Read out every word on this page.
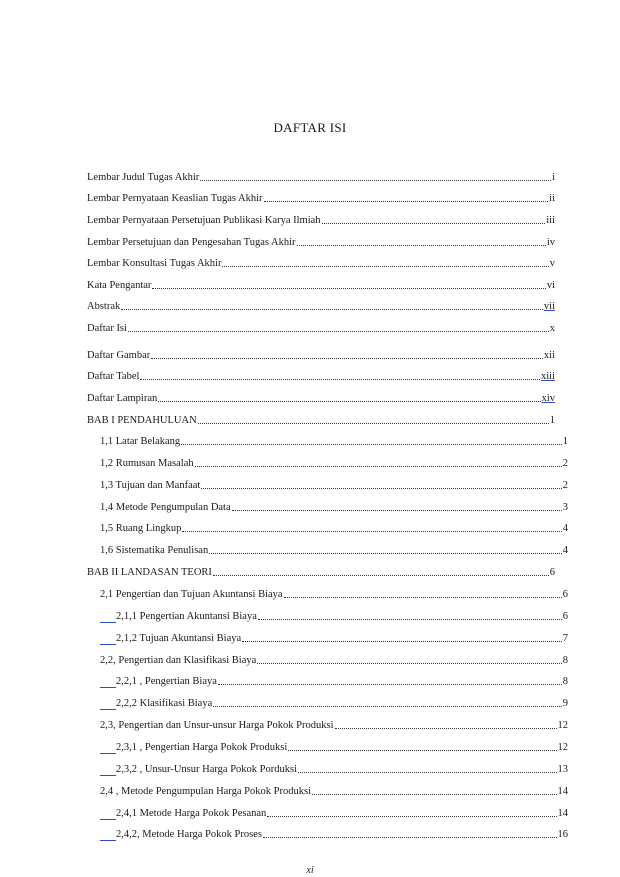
DAFTAR ISI
Lembar Judul Tugas Akhir	i
Lembar Pernyataan Keaslian Tugas Akhir	ii
Lembar Pernyataan Persetujuan Publikasi Karya Ilmiah	iii
Lembar Persetujuan dan Pengesahan Tugas Akhir	iv
Lembar Konsultasi Tugas Akhir	v
Kata Pengantar	vi
Abstrak	vii
Daftar Isi	x
Daftar Gambar	xii
Daftar Tabel	xiii
Daftar Lampiran	xiv
BAB I PENDAHULUAN	1
1,1 Latar Belakang	1
1,2 Rumusan Masalah	2
1,3 Tujuan dan Manfaat	2
1,4 Metode Pengumpulan Data	3
1,5 Ruang Lingkup	4
1,6 Sistematika Penulisan	4
BAB II LANDASAN TEORI	6
2,1 Pengertian dan Tujuan Akuntansi Biaya	6
2,1,1 Pengertian Akuntansi Biaya	6
2,1,2 Tujuan Akuntansi Biaya	7
2,2, Pengertian dan Klasifikasi Biaya	8
2,2,1 , Pengertian Biaya	8
2,2,2 Klasifikasi Biaya	9
2,3, Pengertian dan Unsur-unsur Harga Pokok Produksi	12
2,3,1 , Pengertian Harga Pokok Produksi	12
2,3,2 , Unsur-Unsur Harga Pokok Porduksi	13
2,4 , Metode Pengumpulan Harga Pokok Produksi	14
2,4,1 Metode Harga Pokok Pesanan	14
2,4,2, Metode Harga Pokok Proses	16
xi
